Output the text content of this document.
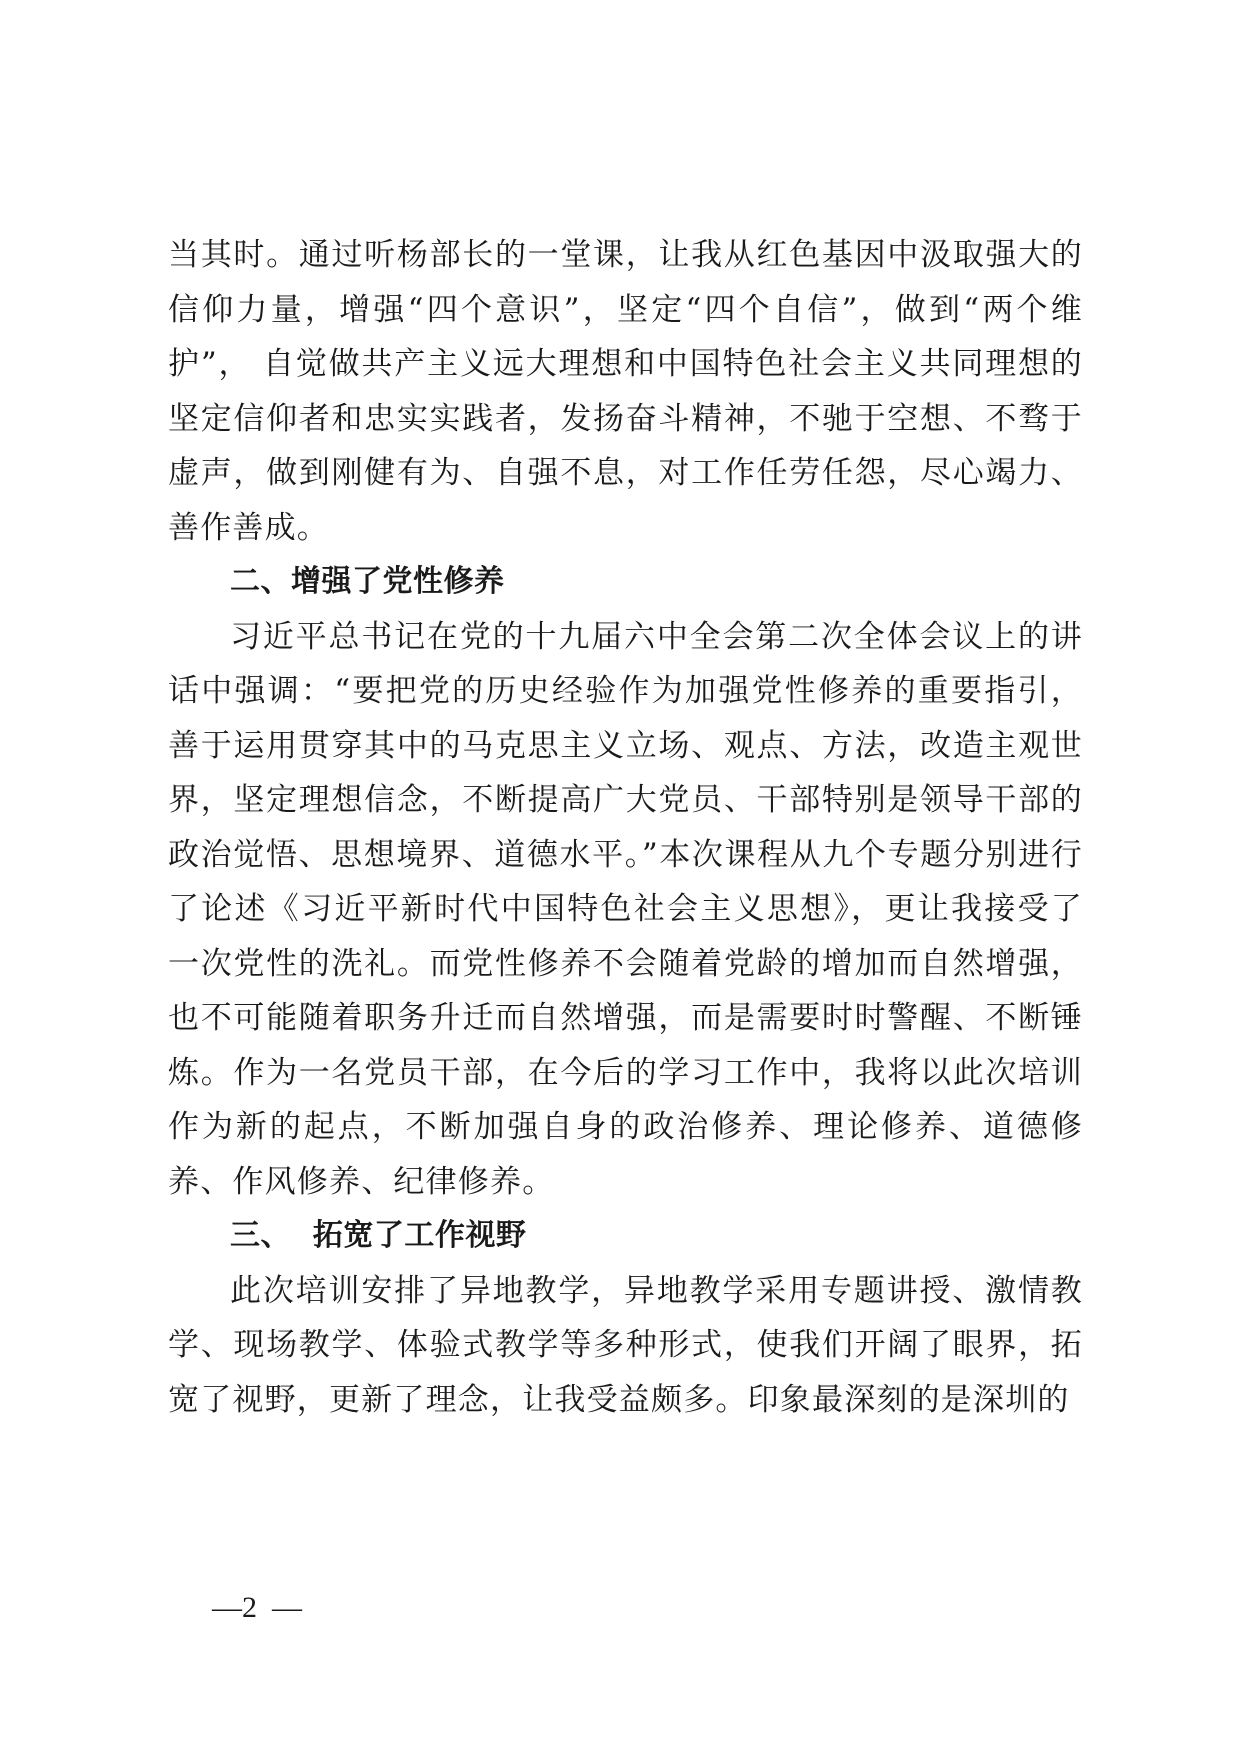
当其时。通过听杨部长的一堂课，让我从红色基因中汲取强大的信仰力量，增强“四个意识”，坚定“四个自信”，做到“两个维护”， 自觉做共产主义远大理想和中国特色社会主义共同理想的坚定信仰者和忠实实践者，发扬奋斗精神，不驰于空想、不骛于虚声，做到刚健有为、自强不息，对工作任劳任怨，尽心竭力、善作善成。

二、增强了党性修养

习近平总书记在党的十九届六中全会第二次全体会议上的讲话中强调：“要把党的历史经验作为加强党性修养的重要指引，善于运用贯穿其中的马克思主义立场、观点、方法，改造主观世界，坚定理想信念，不断提高广大党员、干部特别是领导干部的政治觉悟、思想境界、道德水平。”本次课程从九个专题分别进行了论述《习近平新时代中国特色社会主义思想》，更让我接受了一次党性的洗礼。而党性修养不会随着党龄的增加而自然增强，也不可能随着职务升迁而自然增强，而是需要时时警醒、不断锤炼。作为一名党员干部，在今后的学习工作中，我将以此次培训作为新的起点，不断加强自身的政治修养、理论修养、道德修养、作风修养、纪律修养。

三、  拓宽了工作视野

此次培训安排了异地教学，异地教学采用专题讲授、激情教学、现场教学、体验式教学等多种形式，使我们开阔了眼界，拓宽了视野，更新了理念，让我受益颇多。印象最深刻的是深圳的

—2  —
